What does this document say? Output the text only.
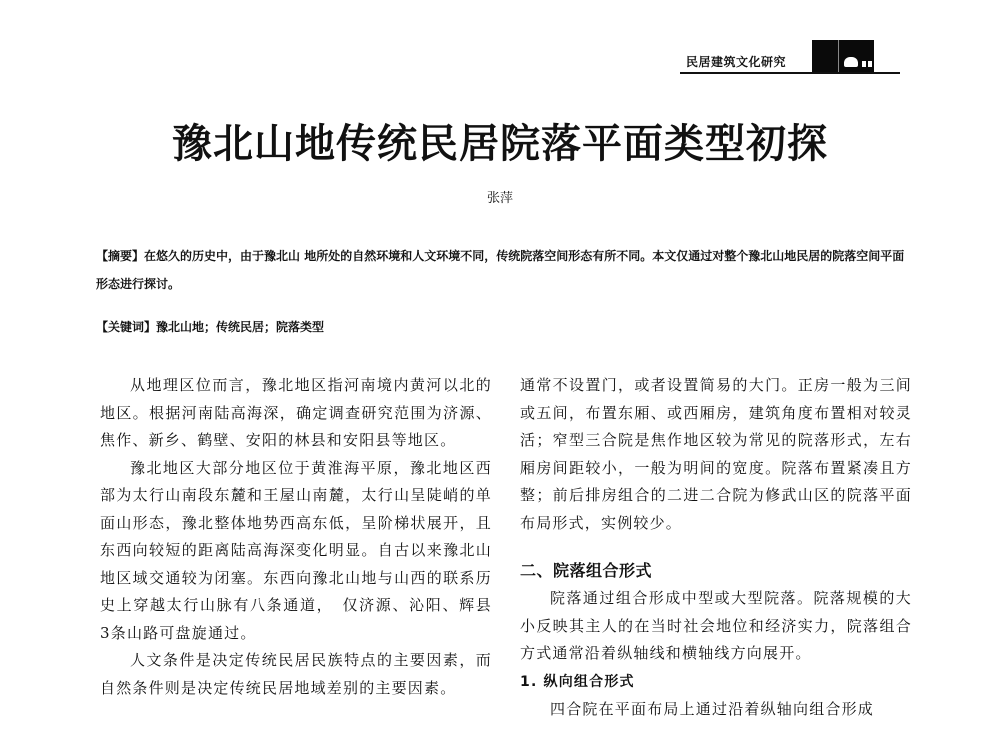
民居建筑文化研究
豫北山地传统民居院落平面类型初探
张萍
【摘要】在悠久的历史中，由于豫北山 地所处的自然环境和人文环境不同，传统院落空间形态有所不同。本文仅通过对整个豫北山地民居的院落空间平面形态进行探讨。
【关键词】豫北山地；传统民居；院落类型

从地理区位而言，豫北地区指河南境内黄河以北的地区。根据河南陆高海深，确定调查研究范围为济源、焦作、新乡、鹤壁、安阳的林县和安阳县等地区。

豫北地区大部分地区位于黄淮海平原，豫北地区西部为太行山南段东麓和王屋山南麓，太行山呈陡峭的单面山形态，豫北整体地势西高东低，呈阶梯状展开，且东西向较短的距离陆高海深变化明显。自古以来豫北山地区域交通较为闭塞。东西向豫北山地与山西的联系历史上穿越太行山脉有八条通道，　仅济源、沁阳、辉县3条山路可盘旋通过。

人文条件是决定传统民居民族特点的主要因素，而自然条件则是决定传统民居地域差别的主要因素。

通常不设置门，或者设置简易的大门。正房一般为三间或五间，布置东厢、或西厢房，建筑角度布置相对较灵活；窄型三合院是焦作地区较为常见的院落形式，左右厢房间距较小，一般为明间的宽度。院落布置紧凑且方整；前后排房组合的二进二合院为修武山区的院落平面布局形式，实例较少。

二、院落组合形式

院落通过组合形成中型或大型院落。院落规模的大小反映其主人的在当时社会地位和经济实力，院落组合方式通常沿着纵轴线和横轴线方向展开。

1. 纵向组合形式

四合院在平面布局上通过沿着纵轴向组合形成
